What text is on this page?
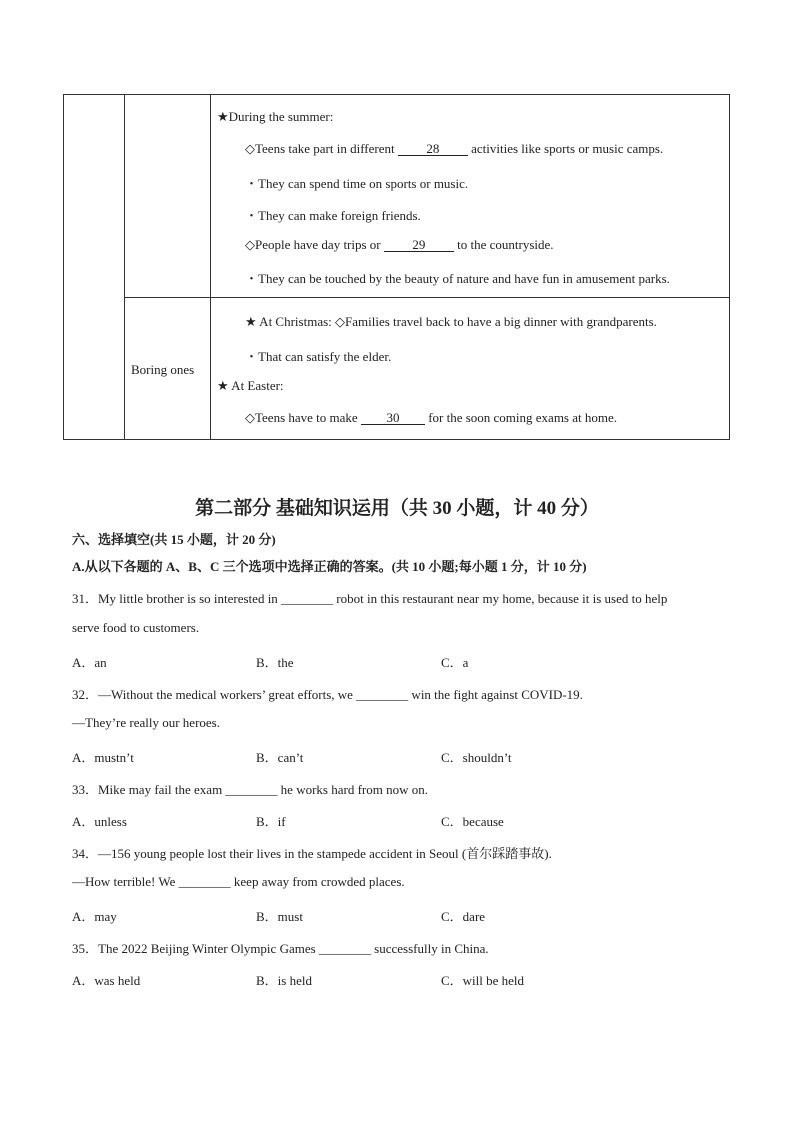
★During the summer:
◇Teens take part in different 28 activities like sports or music camps.
・They can spend time on sports or music.
・They can make foreign friends.
◇People have day trips or 29 to the countryside.
・They can be touched by the beauty of nature and have fun in amusement parks.
Boring ones
★ At Christmas: ◇Families travel back to have a big dinner with grandparents.
・That can satisfy the elder.
★ At Easter:
◇Teens have to make 30 for the soon coming exams at home.
第二部分 基础知识运用（共 30 小题，计 40 分）
六、选择填空(共 15 小题，计 20 分)
A.从以下各题的 A、B、C 三个选项中选择正确的答案。(共 10 小题;每小题 1 分，计 10 分)
31．My little brother is so interested in ________ robot in this restaurant near my home, because it is used to help
serve food to customers.
A．an	B．the	C．a
32．—Without the medical workers’ great efforts, we ________ win the fight against COVID-19.
—They’re really our heroes.
A．mustn’t	B．can’t	C．shouldn’t
33．Mike may fail the exam ________ he works hard from now on.
A．unless	B．if	C．because
34．—156 young people lost their lives in the stampede accident in Seoul (首尔踩踏事故).
—How terrible! We ________ keep away from crowded places.
A．may	B．must	C．dare
35．The 2022 Beijing Winter Olympic Games ________ successfully in China.
A．was held	B．is held	C．will be held
